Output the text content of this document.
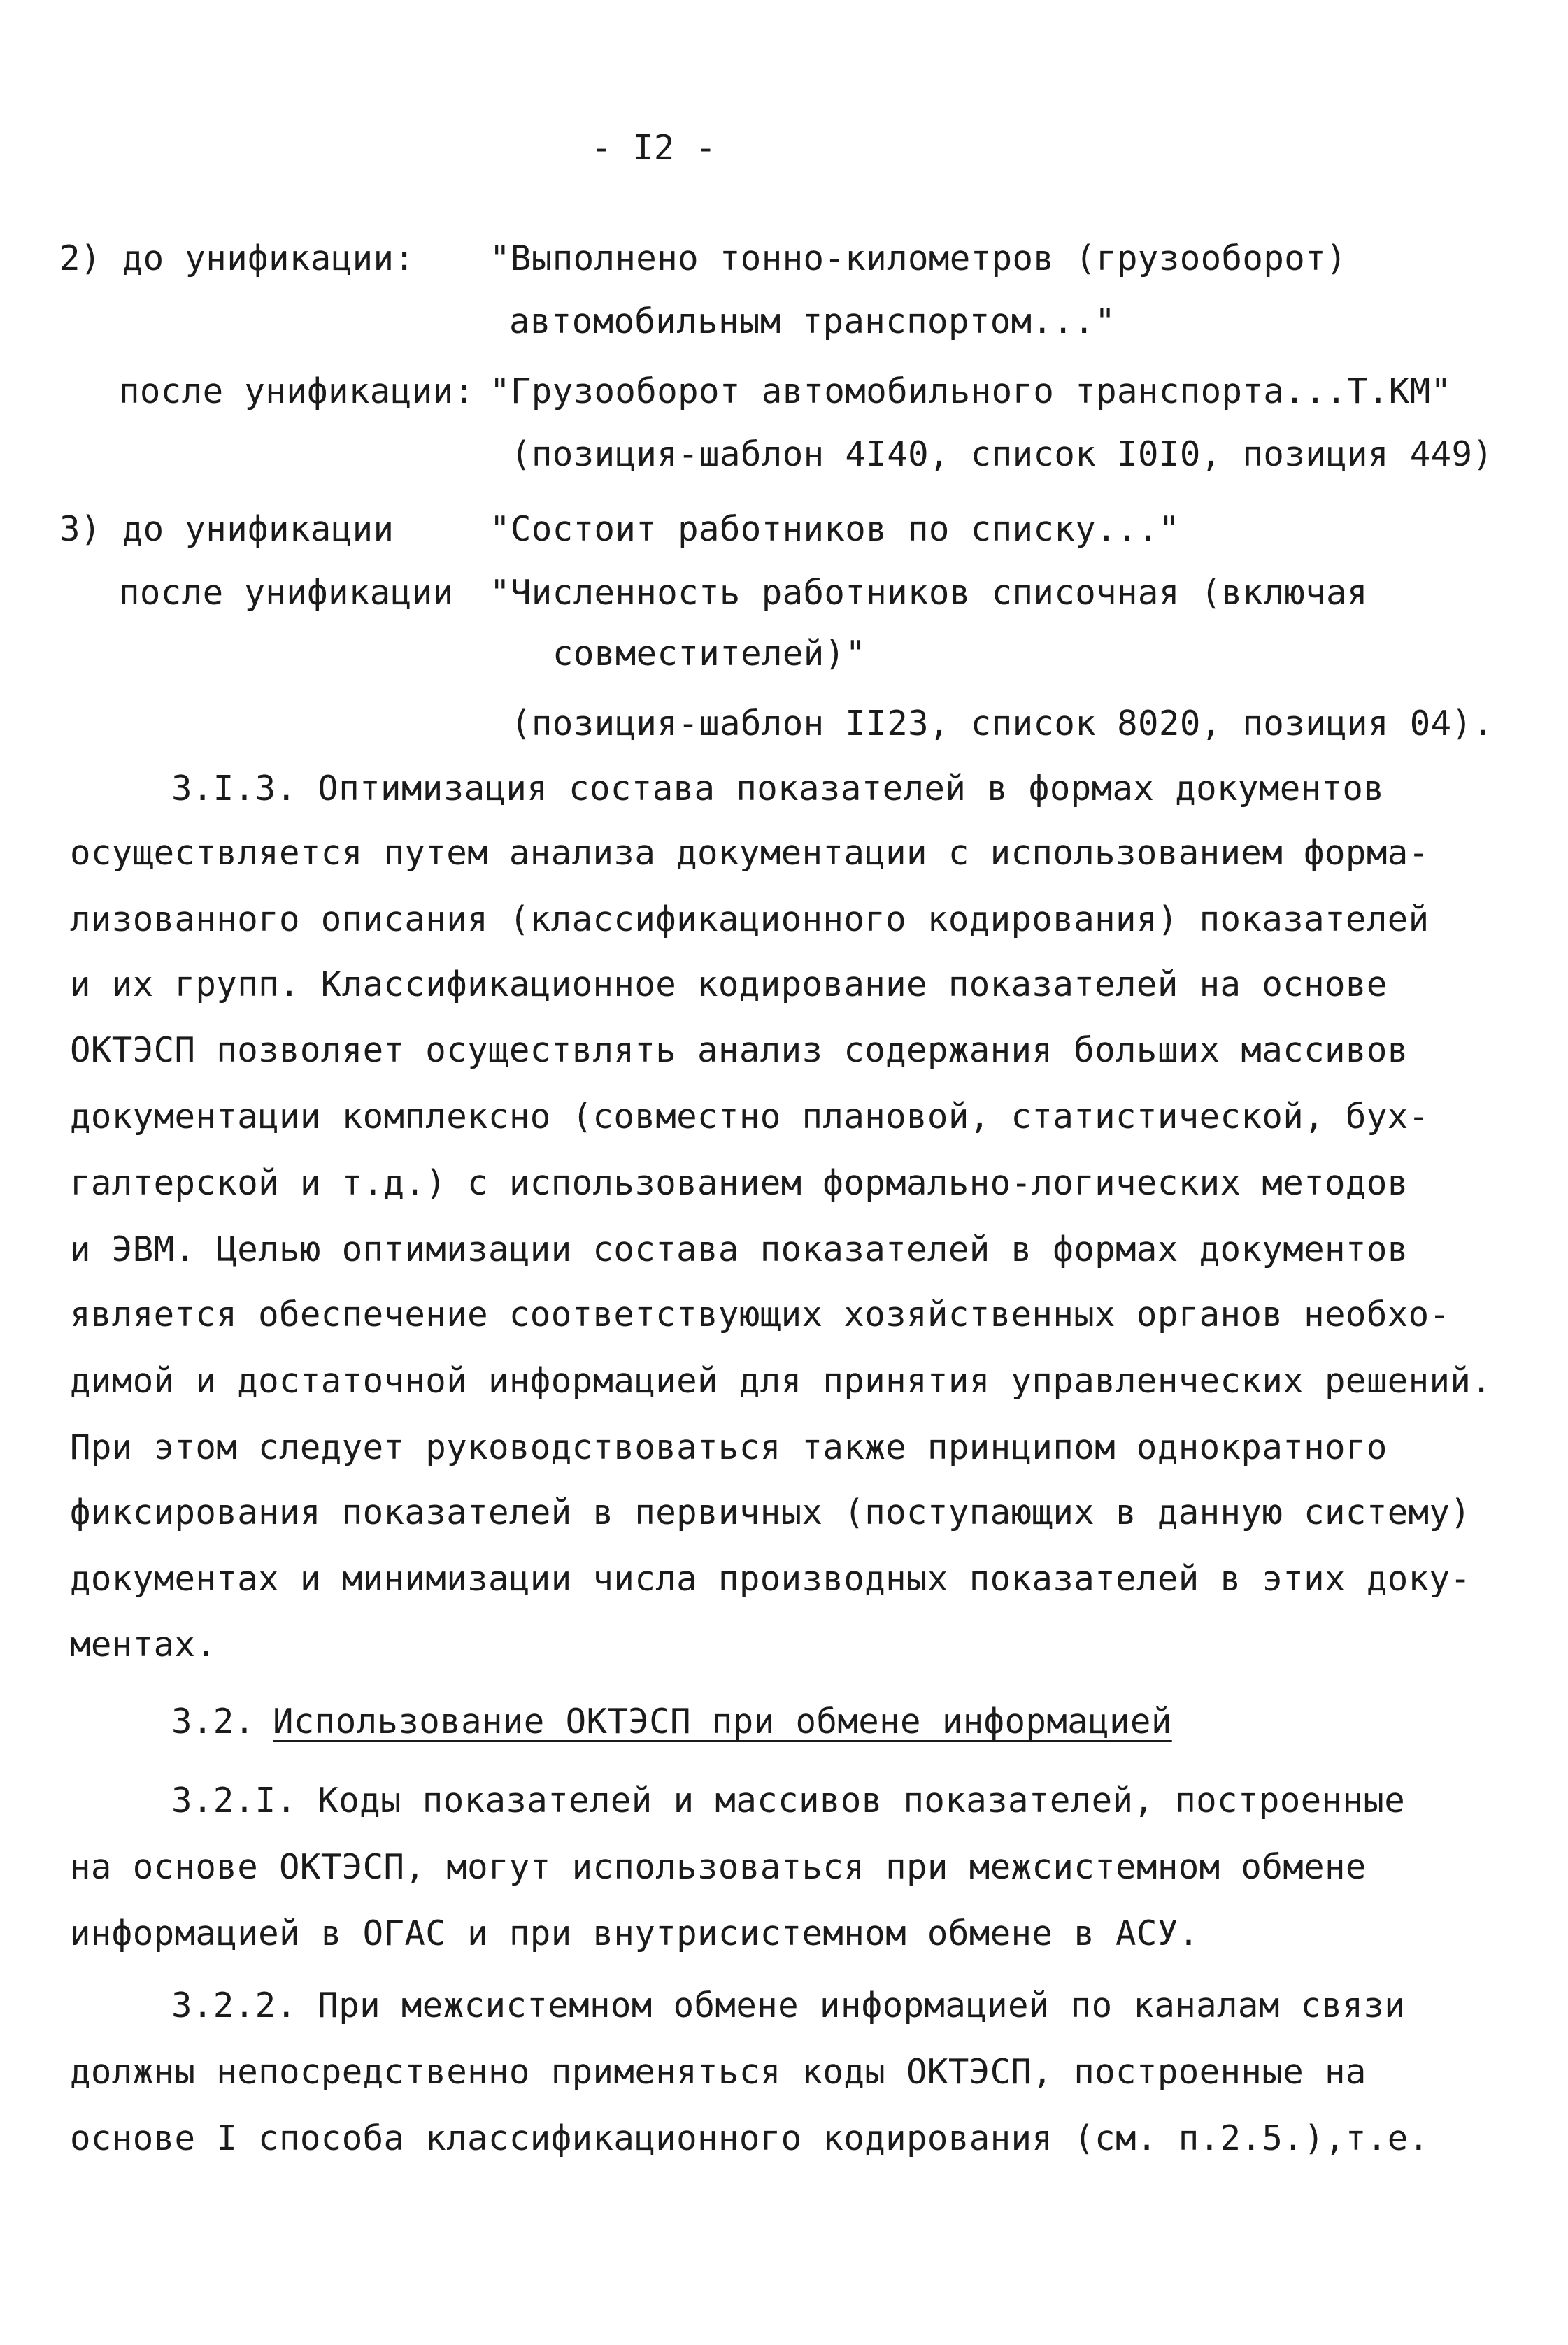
- I2 -

2) до унификации: "Выполнено тонно-километров (грузооборот)

автомобильным транспортом..."

после унификации: "Грузооборот автомобильного транспорта...Т.КМ"

(позиция-шаблон 4I40, список I0I0, позиция 449)

3) до унификации	"Состоит работников по списку..."

после унификации "Численность работников списочная (включая

совместителей)"

(позиция-шаблон II23, список 8020, позиция 04).

3.I.3. Оптимизация состава показателей в формах документов

осуществляется путем анализа документации с использованием форма-

лизованного описания (классификационного кодирования) показателей

и их групп. Классификационное кодирование показателей на основе

ОКТЭСП позволяет осуществлять анализ содержания больших массивов

документации комплексно (совместно плановой, статистической, бух-

галтерской и т.д.) с использованием формально-логических методов

и ЭВМ. Целью оптимизации состава показателей в формах документов

является обеспечение соответствующих хозяйственных органов необхо-

димой и достаточной информацией для принятия управленческих решений.

При этом следует руководствоваться также принципом однократного

фиксирования показателей в первичных (поступающих в данную систему)

документах и минимизации числа производных показателей в этих доку-

ментах.

3.2. Использование ОКТЭСП при обмене информацией

3.2.I. Коды показателей и массивов показателей, построенные

на основе ОКТЭСП, могут использоваться при межсистемном обмене

информацией в ОГАС и при внутрисистемном обмене в АСУ.

3.2.2. При межсистемном обмене информацией по каналам связи

должны непосредственно применяться коды ОКТЭСП, построенные на

основе I способа классификационного кодирования (см. п.2.5.),т.е.
